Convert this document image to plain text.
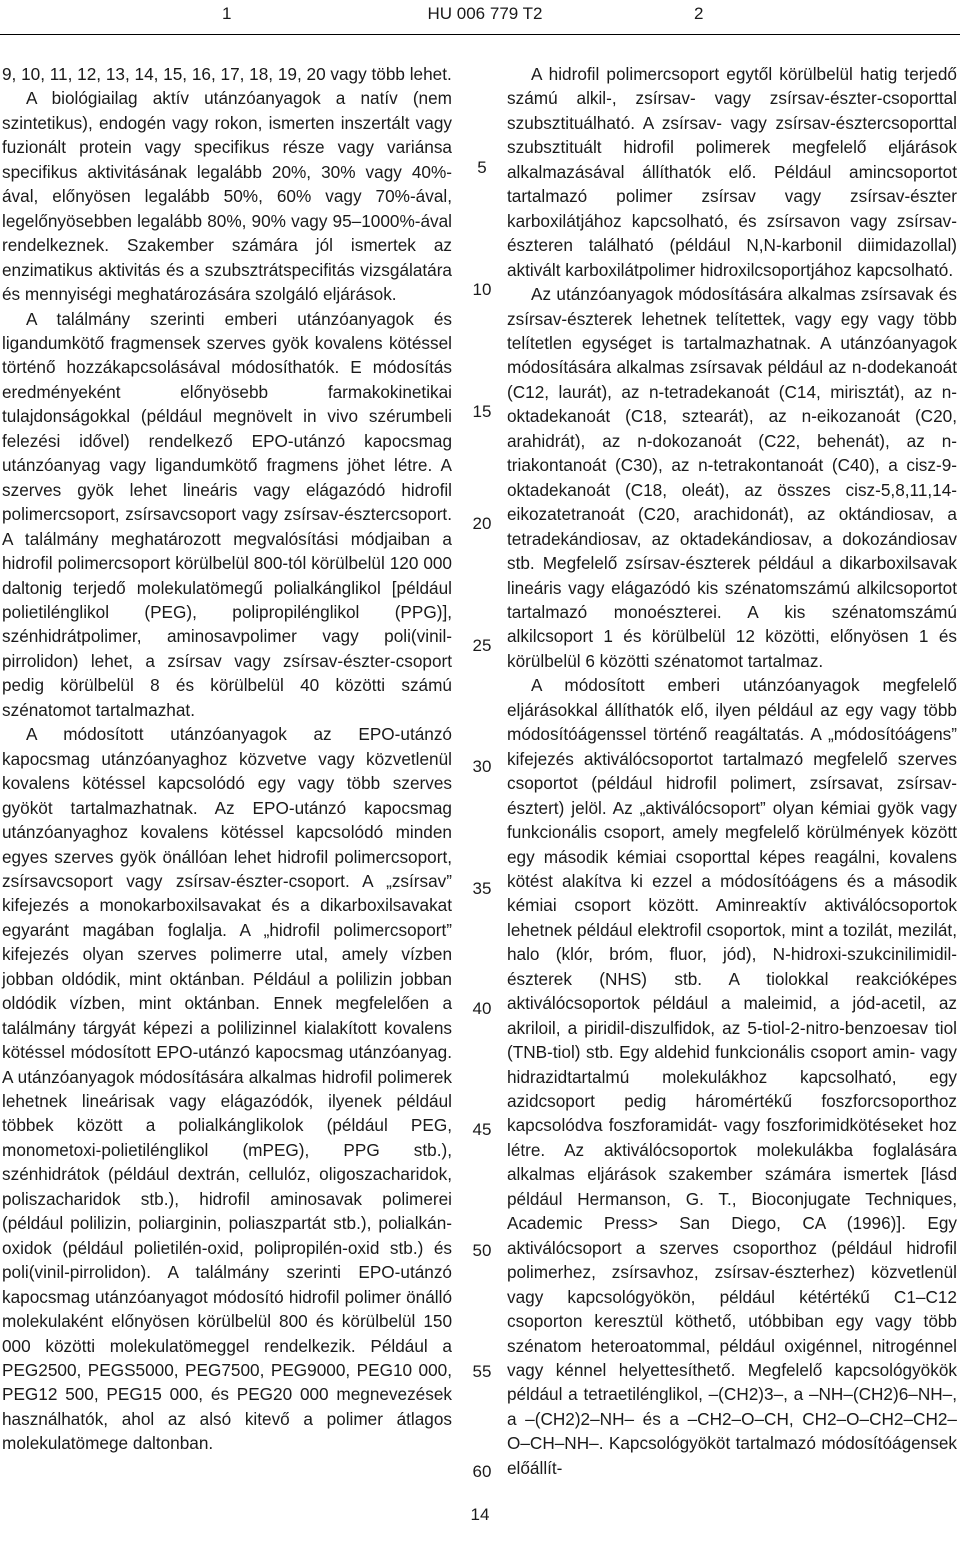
1	HU 006 779 T2	2

9, 10, 11, 12, 13, 14, 15, 16, 17, 18, 19, 20 vagy több lehet.

A biológiailag aktív utánzóanyagok a natív (nem szintetikus), endogén vagy rokon, ismerten inszertált vagy fuzionált protein vagy specifikus része vagy variánsa specifikus aktivitásának legalább 20%, 30% vagy 40%-ával, előnyösen legalább 50%, 60% vagy 70%-ával, legelőnyösebben legalább 80%, 90% vagy 95–1000%-ával rendelkeznek. Szakember számára jól ismertek az enzimatikus aktivitás és a szubsztrátspecifitás vizsgálatára és mennyiségi meghatározására szolgáló eljárások.

A találmány szerinti emberi utánzóanyagok és ligandumkötő fragmensek szerves gyök kovalens kötéssel történő hozzákapcsolásával módosíthatók. E módosítás eredményeként előnyösebb farmakokinetikai tulajdonságokkal (például megnövelt in vivo szérumbeli felezési idővel) rendelkező EPO-utánzó kapocsmag utánzóanyag vagy ligandumkötő fragmens jöhet létre. A szerves gyök lehet lineáris vagy elágazódó hidrofil polimercsoport, zsírsavcsoport vagy zsírsav-észtercsoport. A találmány meghatározott megvalósítási módjaiban a hidrofil polimercsoport körülbelül 800-tól körülbelül 120 000 daltonig terjedő molekulatömegű polialkánglikol [például polietilénglikol (PEG), polipropilénglikol (PPG)], szénhidrátpolimer, aminosavpolimer vagy poli(vinil-pirrolidon) lehet, a zsírsav vagy zsírsav-észter-csoport pedig körülbelül 8 és körülbelül 40 közötti számú szénatomot tartalmazhat.

A módosított utánzóanyagok az EPO-utánzó kapocsmag utánzóanyaghoz közvetve vagy közvetlenül kovalens kötéssel kapcsolódó egy vagy több szerves gyököt tartalmazhatnak. Az EPO-utánzó kapocsmag utánzóanyaghoz kovalens kötéssel kapcsolódó minden egyes szerves gyök önállóan lehet hidrofil polimercsoport, zsírsavcsoport vagy zsírsav-észter-csoport. A „zsírsav” kifejezés a monokarboxilsavakat és a dikarboxilsavakat egyaránt magában foglalja. A „hidrofil polimercsoport” kifejezés olyan szerves polimerre utal, amely vízben jobban oldódik, mint oktánban. Például a polilizin jobban oldódik vízben, mint oktánban. Ennek megfelelően a találmány tárgyát képezi a polilizinnel kialakított kovalens kötéssel módosított EPO-utánzó kapocsmag utánzóanyag. A utánzóanyagok módosítására alkalmas hidrofil polimerek lehetnek lineárisak vagy elágazódók, ilyenek például többek között a polialkánglikolok (például PEG, monometoxi-polietilénglikol (mPEG), PPG stb.), szénhidrátok (például dextrán, cellulóz, oligoszacharidok, poliszacharidok stb.), hidrofil aminosavak polimerei (például polilizin, poliarginin, poliaszpartát stb.), polialkán-oxidok (például polietilén-oxid, polipropilén-oxid stb.) és poli(vinil-pirrolidon). A találmány szerinti EPO-utánzó kapocsmag utánzóanyagot módosító hidrofil polimer önálló molekulaként előnyösen körülbelül 800 és körülbelül 150 000 közötti molekulatömeggel rendelkezik. Például a PEG2500, PEGS5000, PEG7500, PEG9000, PEG10 000, PEG12 500, PEG15 000, és PEG20 000 megnevezések használhatók, ahol az alsó kitevő a polimer átlagos molekulatömege daltonban.

A hidrofil polimercsoport egytől körülbelül hatig terjedő számú alkil-, zsírsav- vagy zsírsav-észter-csoporttal szubsztituálható. A zsírsav- vagy zsírsav-észtercsoporttal szubsztituált hidrofil polimerek megfelelő eljárások alkalmazásával állíthatók elő. Például amincsoportot tartalmazó polimer zsírsav vagy zsírsav-észter karboxilátjához kapcsolható, és zsírsavon vagy zsírsav-észteren található (például N,N-karbonil diimidazollal) aktivált karboxilátpolimer hidroxilcsoportjához kapcsolható.

Az utánzóanyagok módosítására alkalmas zsírsavak és zsírsav-észterek lehetnek telítettek, vagy egy vagy több telítetlen egységet is tartalmazhatnak. A utánzóanyagok módosítására alkalmas zsírsavak például az n-dodekanoát (C12, laurát), az n-tetradekanoát (C14, mirisztát), az n-oktadekanoát (C18, sztearát), az n-eikozanoát (C20, arahidrát), az n-dokozanoát (C22, behenát), az n-triakontanoát (C30), az n-tetrakontanoát (C40), a cisz-9-oktadekanoát (C18, oleát), az összes cisz-5,8,11,14-eikozatetranoát (C20, arachidonát), az oktándiosav, a tetradekándiosav, az oktadekándiosav, a dokozándiosav stb. Megfelelő zsírsav-észterek például a dikarboxilsavak lineáris vagy elágazódó kis szénatomszámú alkilcsoportot tartalmazó monoészterei. A kis szénatomszámú alkilcsoport 1 és körülbelül 12 közötti, előnyösen 1 és körülbelül 6 közötti szénatomot tartalmaz.

A módosított emberi utánzóanyagok megfelelő eljárásokkal állíthatók elő, ilyen például az egy vagy több módosítóágenssel történő reagáltatás. A „módosítóágens” kifejezés aktiválócsoportot tartalmazó megfelelő szerves csoportot (például hidrofil polimert, zsírsavat, zsírsav-észtert) jelöl. Az „aktiválócsoport” olyan kémiai gyök vagy funkcionális csoport, amely megfelelő körülmények között egy második kémiai csoporttal képes reagálni, kovalens kötést alakítva ki ezzel a módosítóágens és a második kémiai csoport között. Aminreaktív aktiválócsoportok lehetnek például elektrofil csoportok, mint a tozilát, mezilát, halo (klór, bróm, fluor, jód), N-hidroxi-szukcinilimidil-észterek (NHS) stb. A tiolokkal reakcióképes aktiválócsoportok például a maleimid, a jód-acetil, az akriloil, a piridil-diszulfidok, az 5-tiol-2-nitro-benzoesav tiol (TNB-tiol) stb. Egy aldehid funkcionális csoport amin- vagy hidrazidtartalmú molekulákhoz kapcsolható, egy azidcsoport pedig háromértékű foszforcsoporthoz kapcsolódva foszforamidát- vagy foszforimidkötéseket hoz létre. Az aktiválócsoportok molekulákba foglalására alkalmas eljárások szakember számára ismertek [lásd például Hermanson, G. T., Bioconjugate Techniques, Academic Press> San Diego, CA (1996)]. Egy aktiválócsoport a szerves csoporthoz (például hidrofil polimerhez, zsírsavhoz, zsírsav-észterhez) közvetlenül vagy kapcsológyökön, például kétértékű C1–C12 csoporton keresztül köthető, utóbbiban egy vagy több szénatom heteroatommal, például oxigénnel, nitrogénnel vagy kénnel helyettesíthető. Megfelelő kapcsológyökök például a tetraetilénglikol, –(CH2)3–, a –NH–(CH2)6–NH–, a –(CH2)2–NH– és a –CH2–O–CH, CH2–O–CH2–CH2–O–CH–NH–. Kapcsológyököt tartalmazó módosítóágensek előállít-

5
10
15
20
25
30
35
40
45
50
55
60
14
